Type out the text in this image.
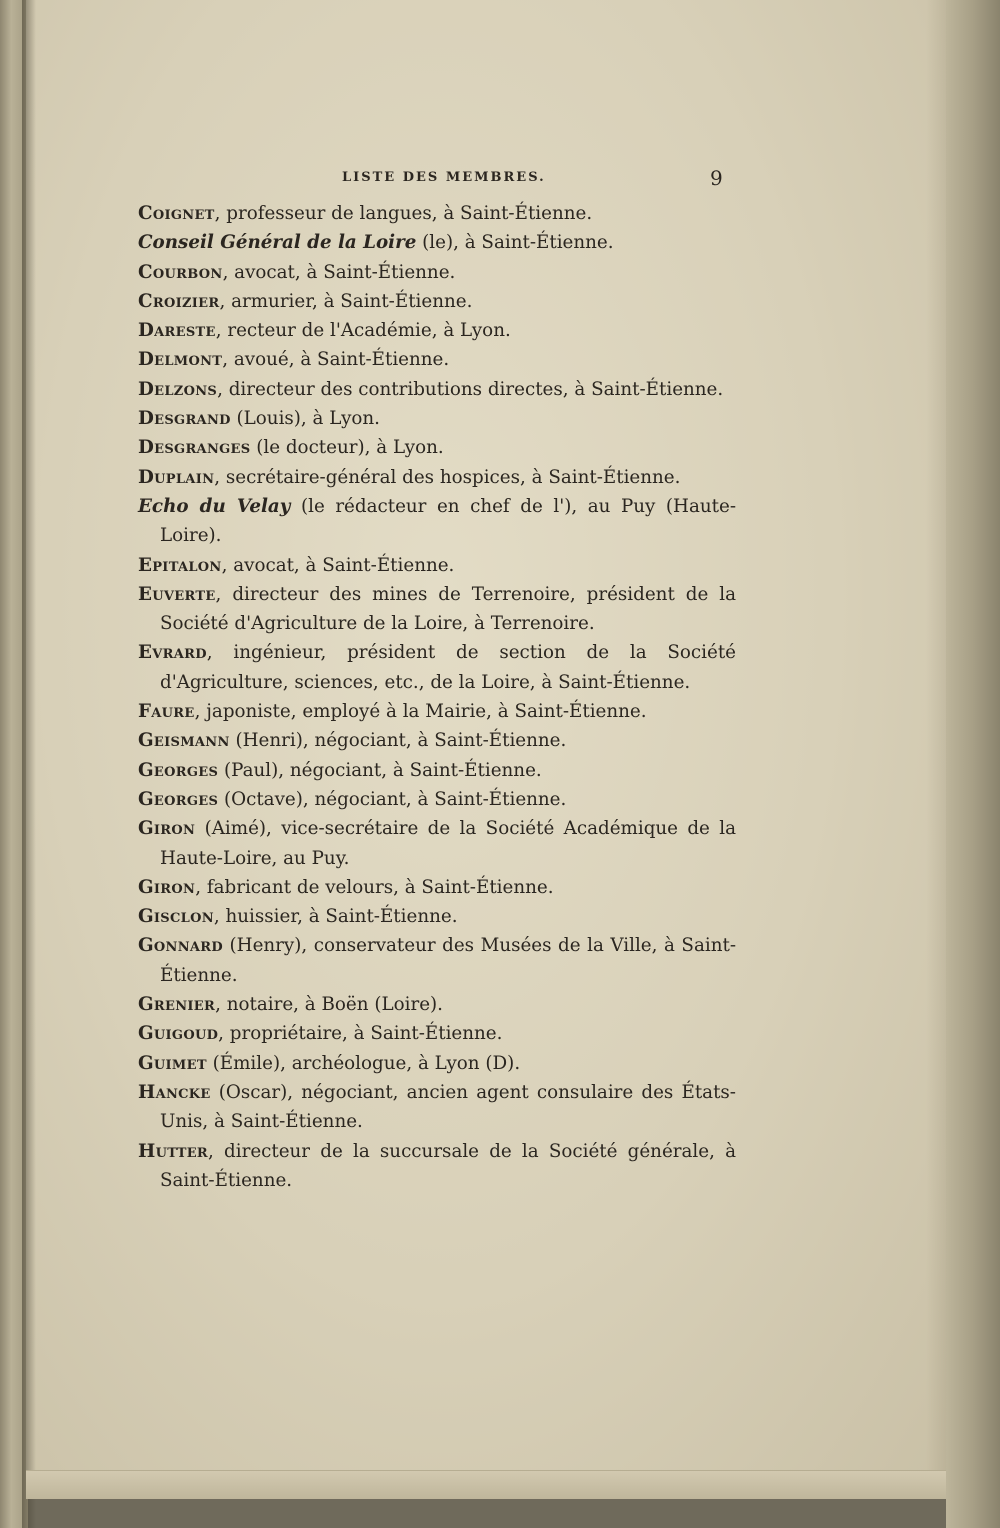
LISTE DES MEMBRES.	9
Coignet, professeur de langues, à Saint-Étienne.
Conseil Général de la Loire (le), à Saint-Étienne.
Courbon, avocat, à Saint-Étienne.
Croizier, armurier, à Saint-Étienne.
Dareste, recteur de l'Académie, à Lyon.
Delmont, avoué, à Saint-Étienne.
Delzons, directeur des contributions directes, à Saint-Étienne.
Desgrand (Louis), à Lyon.
Desgranges (le docteur), à Lyon.
Duplain, secrétaire-général des hospices, à Saint-Étienne.
Echo du Velay (le rédacteur en chef de l'), au Puy (Haute-Loire).
Epitalon, avocat, à Saint-Étienne.
Euverte, directeur des mines de Terrenoire, président de la Société d'Agriculture de la Loire, à Terrenoire.
Evrard, ingénieur, président de section de la Société d'Agriculture, sciences, etc., de la Loire, à Saint-Étienne.
Faure, japoniste, employé à la Mairie, à Saint-Étienne.
Geismann (Henri), négociant, à Saint-Étienne.
Georges (Paul), négociant, à Saint-Étienne.
Georges (Octave), négociant, à Saint-Étienne.
Giron (Aimé), vice-secrétaire de la Société Académique de la Haute-Loire, au Puy.
Giron, fabricant de velours, à Saint-Étienne.
Gisclon, huissier, à Saint-Étienne.
Gonnard (Henry), conservateur des Musées de la Ville, à Saint-Étienne.
Grenier, notaire, à Boën (Loire).
Guigoud, propriétaire, à Saint-Étienne.
Guimet (Émile), archéologue, à Lyon (D).
Hancke (Oscar), négociant, ancien agent consulaire des États-Unis, à Saint-Étienne.
Hutter, directeur de la succursale de la Société générale, à Saint-Étienne.
